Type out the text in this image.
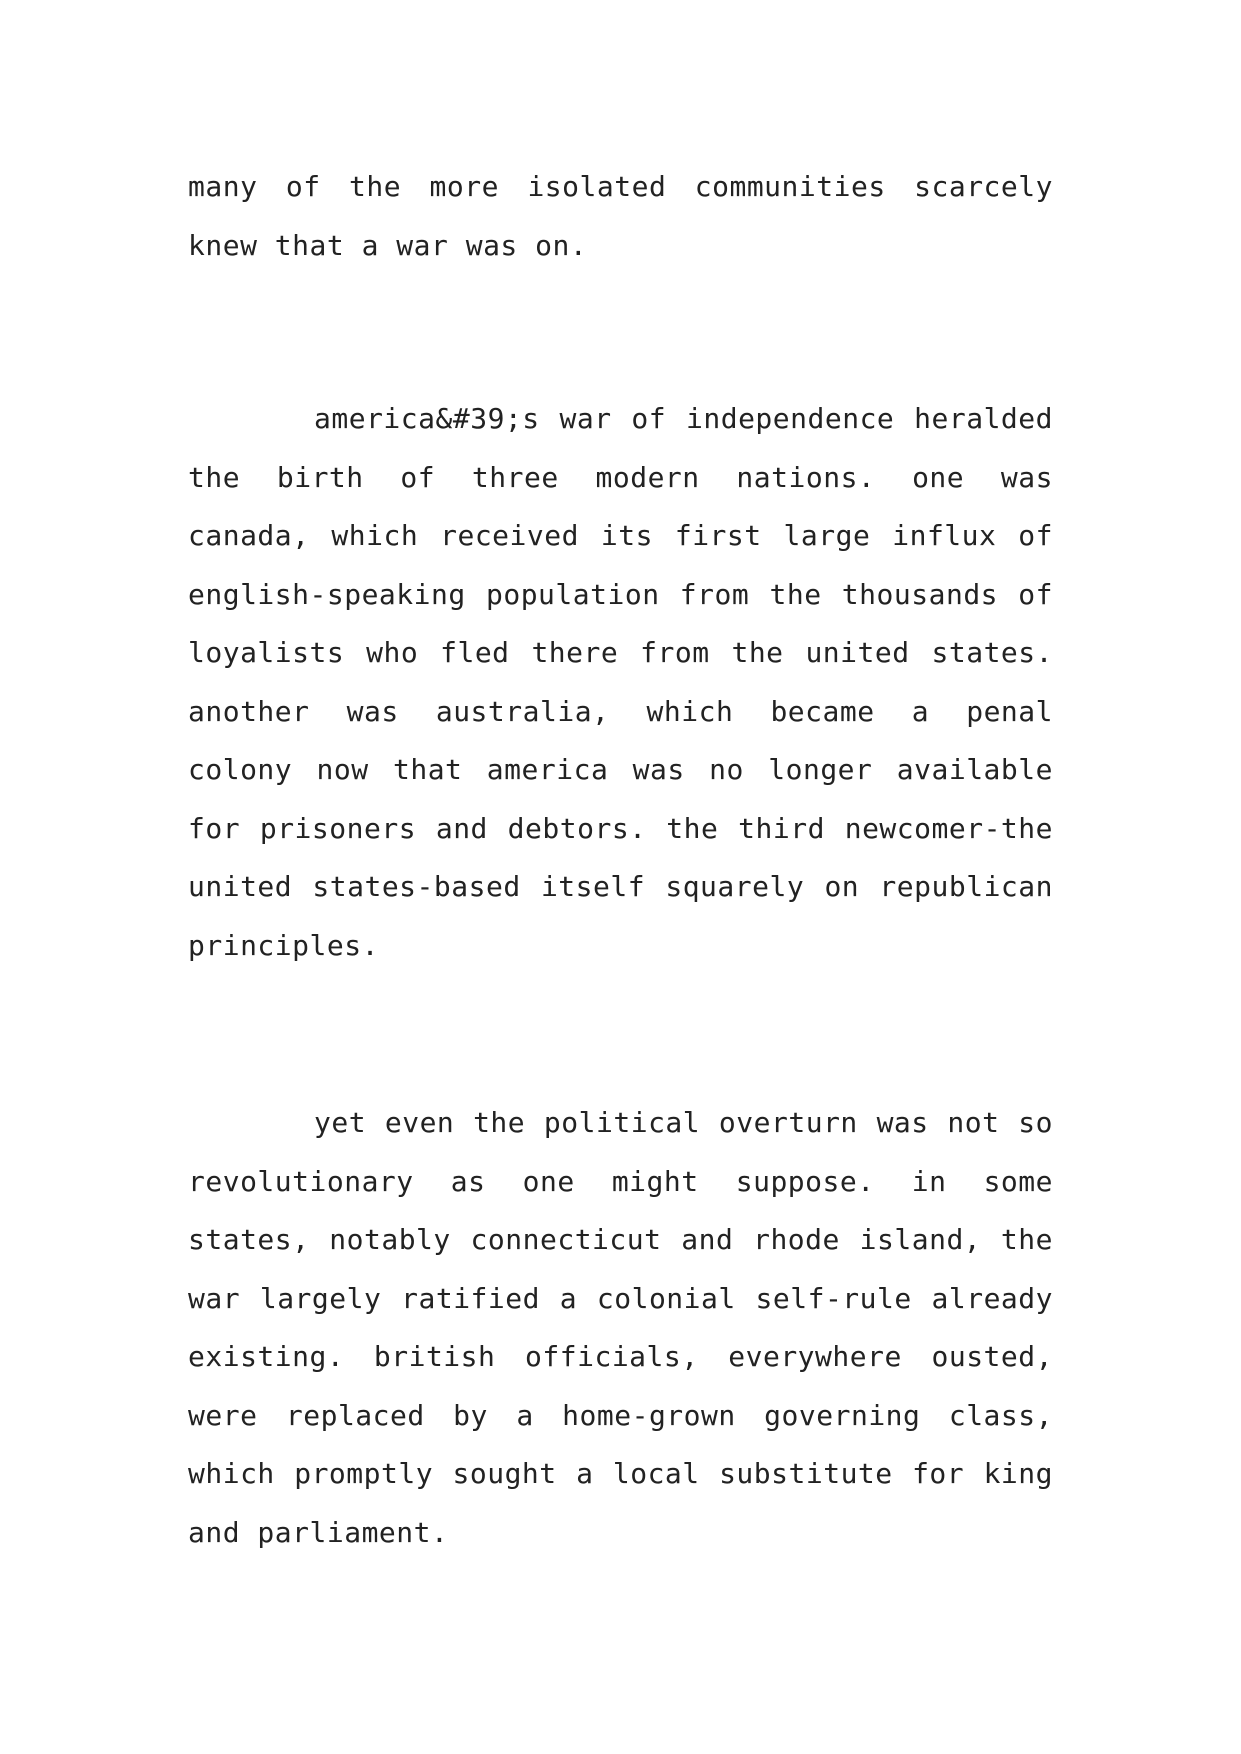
many of the more isolated communities scarcely knew that a war was on.

america&#39;s war of independence heralded the birth of three modern nations. one was canada, which received its first large influx of english-speaking population from the thousands of loyalists who fled there from the united states. another was australia, which became a penal colony now that america was no longer available for prisoners and debtors. the third newcomer-the united states-based itself squarely on republican principles.

yet even the political overturn was not so revolutionary as one might suppose. in some states, notably connecticut and rhode island, the war largely ratified a colonial self-rule already existing. british officials, everywhere ousted, were replaced by a home-grown governing class, which promptly sought a local substitute for king and parliament.
